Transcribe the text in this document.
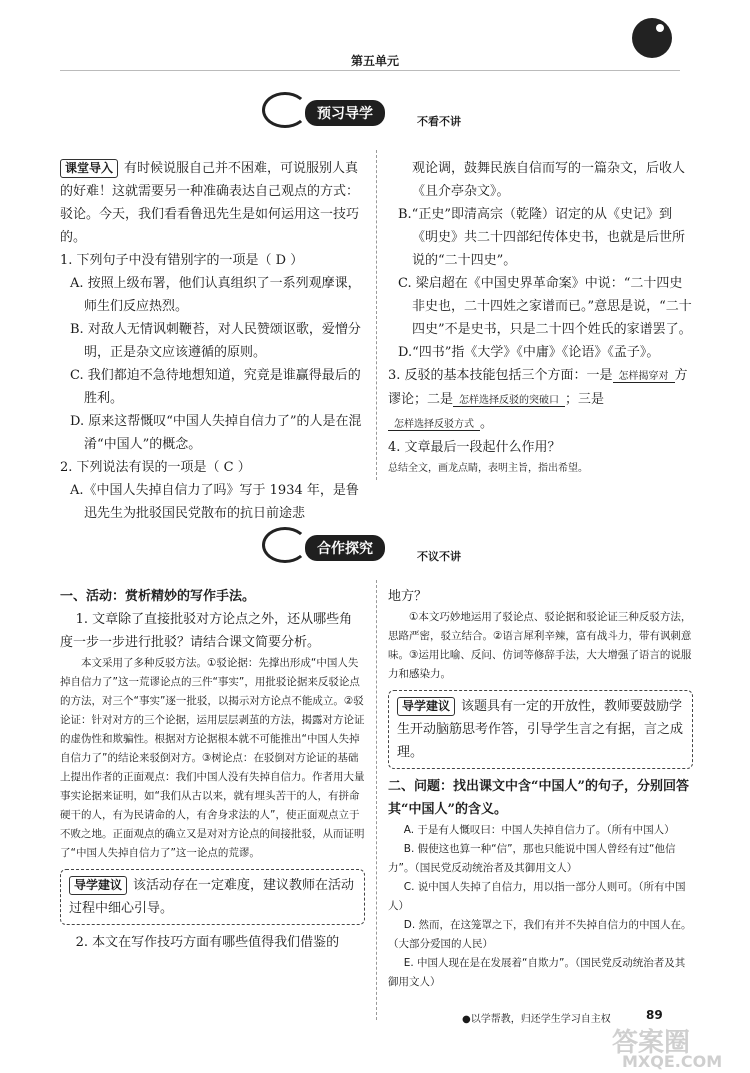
第五单元
预习导学	不看不讲

课堂导入 有时候说服自己并不困难，可说服别人真的好难！这就需要另一种准确表达自己观点的方式：驳论。今天，我们看看鲁迅先生是如何运用这一技巧的。

1. 下列句子中没有错别字的一项是（ D ）

A. 按照上级布署，他们认真组织了一系列观摩课，师生们反应热烈。

B. 对敌人无情讽刺鞭苔，对人民赞颂讴歌，爱憎分明，正是杂文应该遵循的原则。

C. 我们都迫不急待地想知道，究竟是谁赢得最后的胜利。

D. 原来这帮慨叹“中国人失掉自信力了”的人是在混淆“中国人”的概念。

2. 下列说法有误的一项是（ C ）

A.《中国人失掉自信力了吗》写于 1934 年，是鲁迅先生为批驳国民党散布的抗日前途悲

观论调，鼓舞民族自信而写的一篇杂文，后收人《且介亭杂文》。

B.“正史”即清高宗（乾隆）诏定的从《史记》到《明史》共二十四部纪传体史书，也就是后世所说的“二十四史”。

C. 梁启超在《中国史界革命案》中说：“二十四史非史也，二十四姓之家谱而已。”意思是说，“二十四史”不是史书，只是二十四个姓氏的家谱罢了。

D.“四书”指《大学》《中庸》《论语》《孟子》。

3. 反驳的基本技能包括三个方面：一是 怎样揭穿对 方谬论；二是 怎样选择反驳的突破口 ；三是
怎样选择反驳方式 。

4. 文章最后一段起什么作用？

总结全文，画龙点睛，表明主旨，指出希望。

合作探究	不议不讲

一、活动：赏析精妙的写作手法。

1. 文章除了直接批驳对方论点之外，还从哪些角度一步一步进行批驳？请结合课文简要分析。

本文采用了多种反驳方法。①驳论据：先撑出形成“中国人失掉自信力了”这一荒谬论点的三件“事实”，用批驳论据来反驳论点的方法，对三个“事实”逐一批驳，以揭示对方论点不能成立。②驳论证：针对对方的三个论据，运用层层剥茧的方法，揭露对方论证的虚伪性和欺骗性。根据对方论据根本就不可能推出“中国人失掉自信力了”的结论来驳倒对方。③树论点：在驳倒对方论证的基础上提出作者的正面观点：我们中国人没有失掉自信力。作者用大量事实论据来证明，如“我们从古以来，就有埋头苦干的人，有拼命硬干的人，有为民请命的人，有舍身求法的人”，使正面观点立于不败之地。正面观点的确立又是对对方论点的间接批驳，从而证明了“中国人失掉自信力了”这一论点的荒谬。

导学建议 该活动存在一定难度，建议教师在活动过程中细心引导。

2. 本文在写作技巧方面有哪些值得我们借鉴的

地方？

①本文巧妙地运用了驳论点、驳论据和驳论证三种反驳方法，思路严密，驳立结合。②语言犀利辛辣，富有战斗力，带有讽刺意味。③运用比喻、反问、仿词等修辞手法，大大增强了语言的说服力和感染力。

导学建议 该题具有一定的开放性，教师要鼓励学生开动脑筋思考作答，引导学生言之有据，言之成理。

二、问题：找出课文中含“中国人”的句子，分别回答其“中国人”的含义。

A. 于是有人慨叹曰：中国人失掉自信力了。（所有中国人）

B. 假使这也算一种“信”，那也只能说中国人曾经有过“他信力”。（国民党反动统治者及其御用文人）

C. 说中国人失掉了自信力，用以指一部分人则可。（所有中国人）

D. 然而，在这笼罩之下，我们有并不失掉自信力的中国人在。（大部分爱国的人民）

E. 中国人现在是在发展着“自欺力”。（国民党反动统治者及其御用文人）

●以学帮教，归还学生学习自主权	89
答案圈
MXQE.COM
